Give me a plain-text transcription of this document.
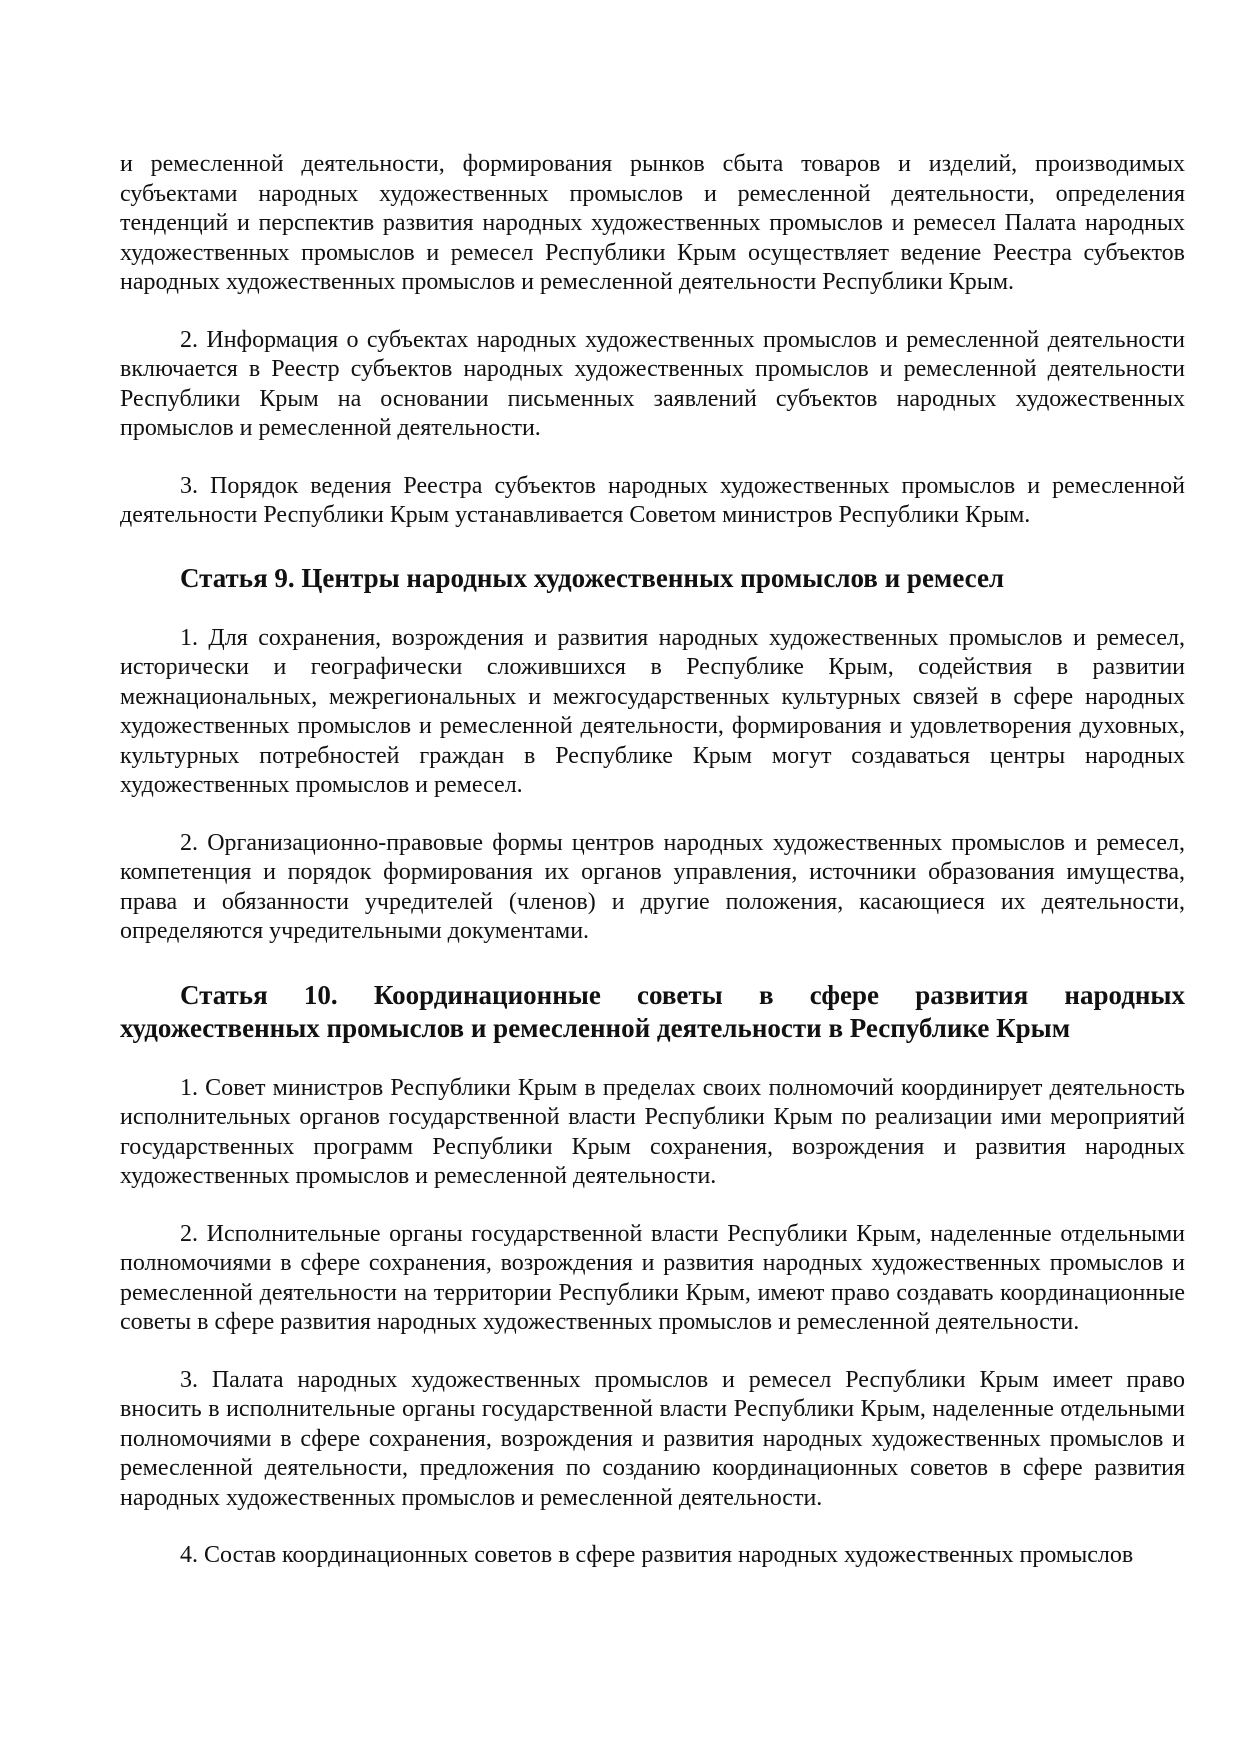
и ремесленной деятельности, формирования рынков сбыта товаров и изделий, производимых субъектами народных художественных промыслов и ремесленной деятельности, определения тенденций и перспектив развития народных художественных промыслов и ремесел Палата народных художественных промыслов и ремесел Республики Крым осуществляет ведение Реестра субъектов народных художественных промыслов и ремесленной деятельности Республики Крым.

2. Информация о субъектах народных художественных промыслов и ремесленной деятельности включается в Реестр субъектов народных художественных промыслов и ремесленной деятельности Республики Крым на основании письменных заявлений субъектов народных художественных промыслов и ремесленной деятельности.

3. Порядок ведения Реестра субъектов народных художественных промыслов и ремесленной деятельности Республики Крым устанавливается Советом министров Республики Крым.

Статья 9. Центры народных художественных промыслов и ремесел

1. Для сохранения, возрождения и развития народных художественных промыслов и ремесел, исторически и географически сложившихся в Республике Крым, содействия в развитии межнациональных, межрегиональных и межгосударственных культурных связей в сфере народных художественных промыслов и ремесленной деятельности, формирования и удовлетворения духовных, культурных потребностей граждан в Республике Крым могут создаваться центры народных художественных промыслов и ремесел.

2. Организационно-правовые формы центров народных художественных промыслов и ремесел, компетенция и порядок формирования их органов управления, источники образования имущества, права и обязанности учредителей (членов) и другие положения, касающиеся их деятельности, определяются учредительными документами.

Статья 10. Координационные советы в сфере развития народных художественных промыслов и ремесленной деятельности в Республике Крым

1. Совет министров Республики Крым в пределах своих полномочий координирует деятельность исполнительных органов государственной власти Республики Крым по реализации ими мероприятий государственных программ Республики Крым сохранения, возрождения и развития народных художественных промыслов и ремесленной деятельности.

2. Исполнительные органы государственной власти Республики Крым, наделенные отдельными полномочиями в сфере сохранения, возрождения и развития народных художественных промыслов и ремесленной деятельности на территории Республики Крым, имеют право создавать координационные советы в сфере развития народных художественных промыслов и ремесленной деятельности.

3. Палата народных художественных промыслов и ремесел Республики Крым имеет право вносить в исполнительные органы государственной власти Республики Крым, наделенные отдельными полномочиями в сфере сохранения, возрождения и развития народных художественных промыслов и ремесленной деятельности, предложения по созданию координационных советов в сфере развития народных художественных промыслов и ремесленной деятельности.

4. Состав координационных советов в сфере развития народных художественных промыслов
